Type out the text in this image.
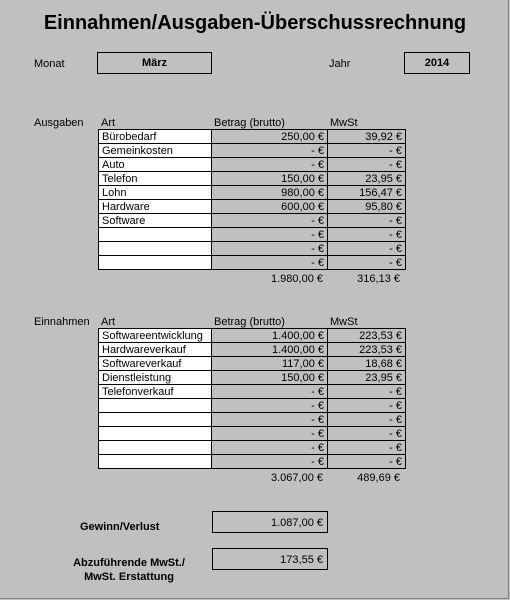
Einnahmen/Ausgaben-Überschussrechnung
Monat	März	Jahr	2014
Ausgaben Art	Betrag (brutto)	MwSt
Bürobedarf	250,00 €	39,92 €
Gemeinkosten	- €	- €
Auto	- €	- €
Telefon	150,00 €	23,95 €
Lohn	980,00 €	156,47 €
Hardware	600,00 €	95,80 €
Software	- €	- €
	- €	- €
	- €	- €
	- €	- €
1.980,00 €	316,13 €
Einnahmen Art	Betrag (brutto)	MwSt
Softwareentwicklung	1.400,00 €	223,53 €
Hardwareverkauf	1.400,00 €	223,53 €
Softwareverkauf	117,00 €	18,68 €
Dienstleistung	150,00 €	23,95 €
Telefonverkauf	- €	- €
	- €	- €
	- €	- €
	- €	- €
	- €	- €
	- €	- €
3.067,00 €	489,69 €
Gewinn/Verlust	1.087,00 €
Abzuführende MwSt./
MwSt. Erstattung
173,55 €
